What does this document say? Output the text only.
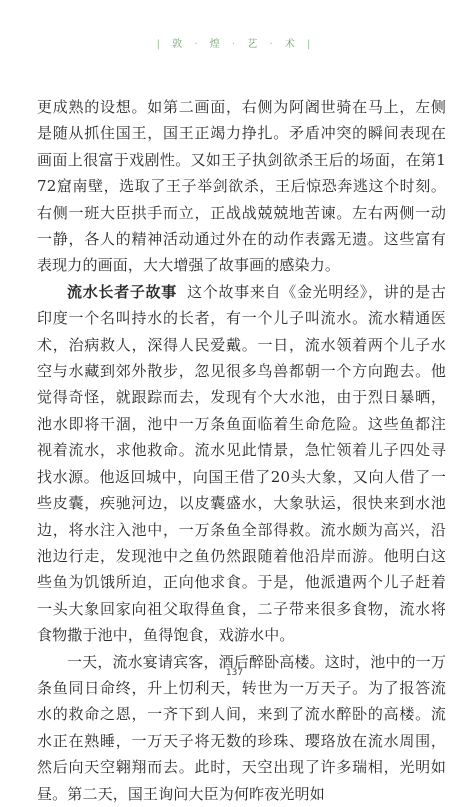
| 敦 · 煌 · 艺 · 术 |

更成熟的设想。如第二画面，右侧为阿阇世骑在马上，左侧是随从抓住国王，国王正竭力挣扎。矛盾冲突的瞬间表现在画面上很富于戏剧性。又如王子执剑欲杀王后的场面，在第172窟南壁，选取了王子举剑欲杀，王后惊恐奔逃这个时刻。右侧一班大臣拱手而立，正战战兢兢地苦谏。左右两侧一动一静，各人的精神活动通过外在的动作表露无遗。这些富有表现力的画面，大大增强了故事画的感染力。

流水长者子故事 这个故事来自《金光明经》，讲的是古印度一个名叫持水的长者，有一个儿子叫流水。流水精通医术，治病救人，深得人民爱戴。一日，流水领着两个儿子水空与水藏到郊外散步，忽见很多鸟兽都朝一个方向跑去。他觉得奇怪，就跟踪而去，发现有个大水池，由于烈日暴晒，池水即将干涸，池中一万条鱼面临着生命危险。这些鱼都注视着流水，求他救命。流水见此情景，急忙领着儿子四处寻找水源。他返回城中，向国王借了20头大象，又向人借了一些皮囊，疾驰河边，以皮囊盛水，大象驮运，很快来到水池边，将水注入池中，一万条鱼全部得救。流水颇为高兴，沿池边行走，发现池中之鱼仍然跟随着他沿岸而游。他明白这些鱼为饥饿所迫，正向他求食。于是，他派遣两个儿子赶着一头大象回家向祖父取得鱼食，二子带来很多食物，流水将食物撒于池中，鱼得饱食，戏游水中。

一天，流水宴请宾客，酒后醉卧高楼。这时，池中的一万条鱼同日命终，升上忉利天，转世为一万天子。为了报答流水的救命之恩，一齐下到人间，来到了流水醉卧的高楼。流水正在熟睡，一万天子将无数的珍珠、璎珞放在流水周围，然后向天空翱翔而去。此时，天空出现了许多瑞相，光明如昼。第二天，国王询问大臣为何昨夜光明如

137
